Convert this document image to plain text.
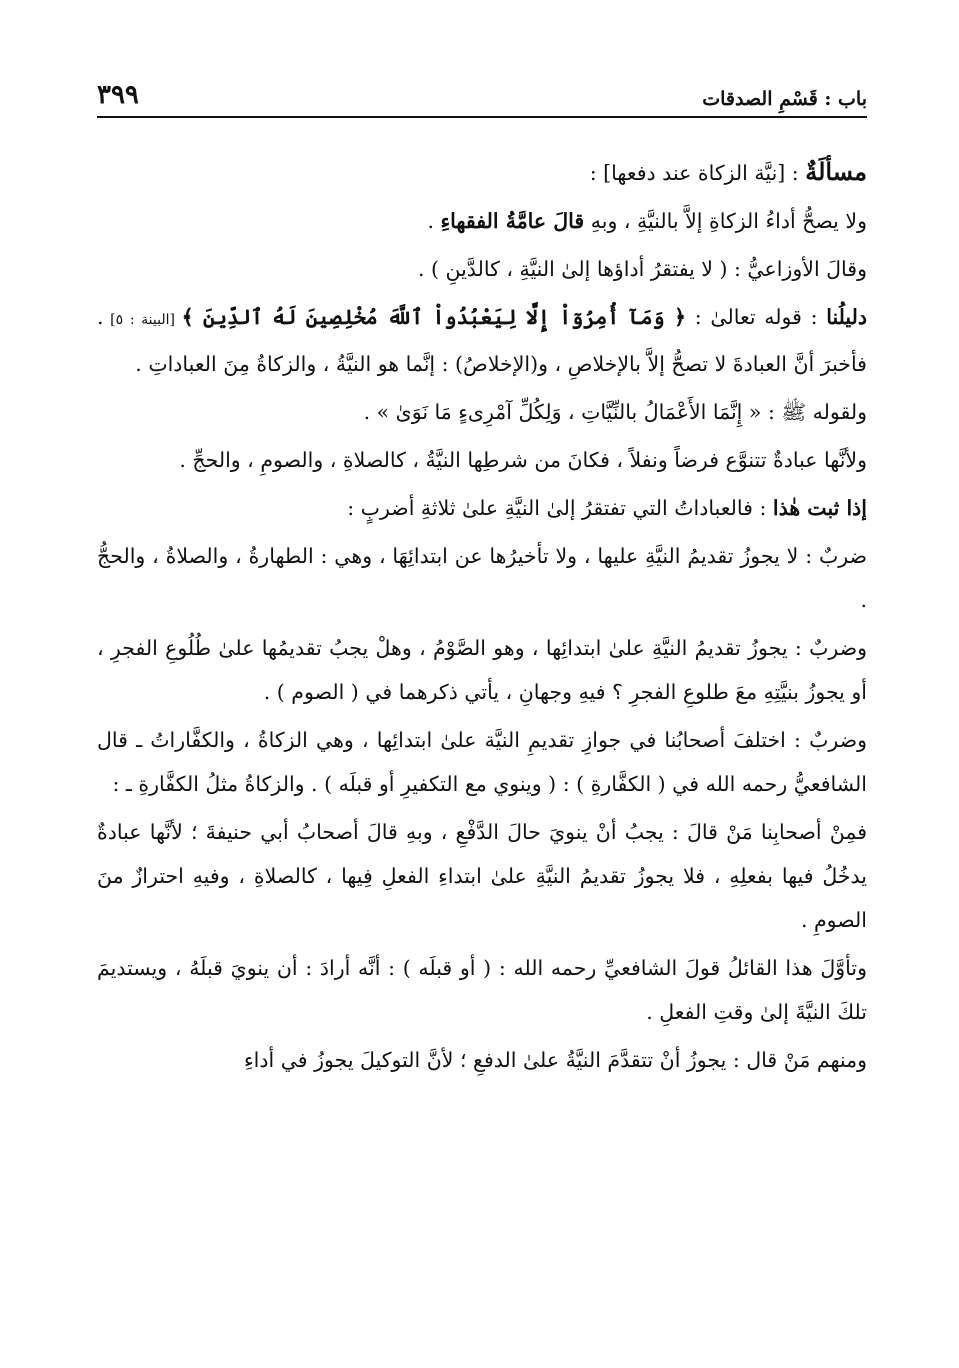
باب : قَسْمِ الصدقات
٣٩٩

مسألَةٌ : [نيَّة الزكاة عند دفعها] :

ولا يصحُّ أداءُ الزكاةِ إلاَّ بالنيَّةِ ، وبهِ قالَ عامَّةُ الفقهاءِ .

وقالَ الأوزاعيُّ : ( لا يفتقرُ أداؤها إلىٰ النيَّةِ ، كالدَّينِ ) .

دليلُنا : قوله تعالىٰ : ﴿ وَمَآ أُمِرُوٓاْ إِلَّا لِيَعْبُدُواْ ٱللَّهَ مُخْلِصِينَ لَهُ ٱلدِّينَ ﴾ [البينة : ٥] . فأخبرَ أنَّ العبادةَ لا تصحُّ إلاَّ بالإخلاصِ ، و(الإخلاصُ) : إنَّما هو النيَّةُ ، والزكاةُ مِنَ العباداتِ .

ولقوله ﷺ : « إِنَّمَا الأَعْمَالُ بالنِّيَّاتِ ، وَلِكُلِّ آمْرِىءٍ مَا نَوَىٰ » .

ولأنَّها عبادةٌ تتنوَّع فرضاً ونفلاً ، فكانَ من شرطِها النيَّةُ ، كالصلاةِ ، والصومِ ، والحجِّ .

إذا ثبت هٰذا : فالعباداتُ التي تفتقرُ إلىٰ النيَّةِ علىٰ ثلاثةِ أضربٍ :

ضربٌ : لا يجوزُ تقديمُ النيَّةِ عليها ، ولا تأخيرُها عن ابتدائِهَا ، وهي : الطهارةُ ، والصلاةُ ، والحجُّ .

وضربٌ : يجوزُ تقديمُ النيَّةِ علىٰ ابتدائِها ، وهو الصَّوْمُ ، وهلْ يجبُ تقديمُها علىٰ طُلُوعِ الفجرِ ، أو يجوزُ بنيَّتِهِ معَ طلوعِ الفجرِ ؟ فيهِ وجهانِ ، يأتي ذكرهما في ( الصوم ) .

وضربٌ : اختلفَ أصحابُنا في جوازِ تقديمِ النيَّة علىٰ ابتدائِها ، وهي الزكاةُ ، والكفَّاراتُ ـ قال الشافعيُّ رحمه الله في ( الكفَّارةِ ) : ( وينوي مع التكفيرِ أو قبلَه ) . والزكاةُ مثلُ الكفَّارةِ ـ :

فمِنْ أصحابِنا مَنْ قالَ : يجبُ أنْ ينويَ حالَ الدَّفْعِ ، وبهِ قالَ أصحابُ أبي حنيفةَ ؛ لأنَّها عبادةٌ يدخُلُ فيها بفعلِهِ ، فلا يجوزُ تقديمُ النيَّةِ علىٰ ابتداءِ الفعلِ فِيها ، كالصلاةِ ، وفيهِ احترازٌ منَ الصومِ .

وتأوَّلَ هذا القائلُ قولَ الشافعيِّ رحمه الله : ( أو قبلَه ) : أنَّه أرادَ : أن ينويَ قبلَهُ ، ويستديمَ تلكَ النيَّةَ إلىٰ وقتِ الفعلِ .

ومنهم مَنْ قال : يجوزُ أنْ تتقدَّمَ النيَّةُ علىٰ الدفعِ ؛ لأنَّ التوكيلَ يجوزُ في أداءِ
